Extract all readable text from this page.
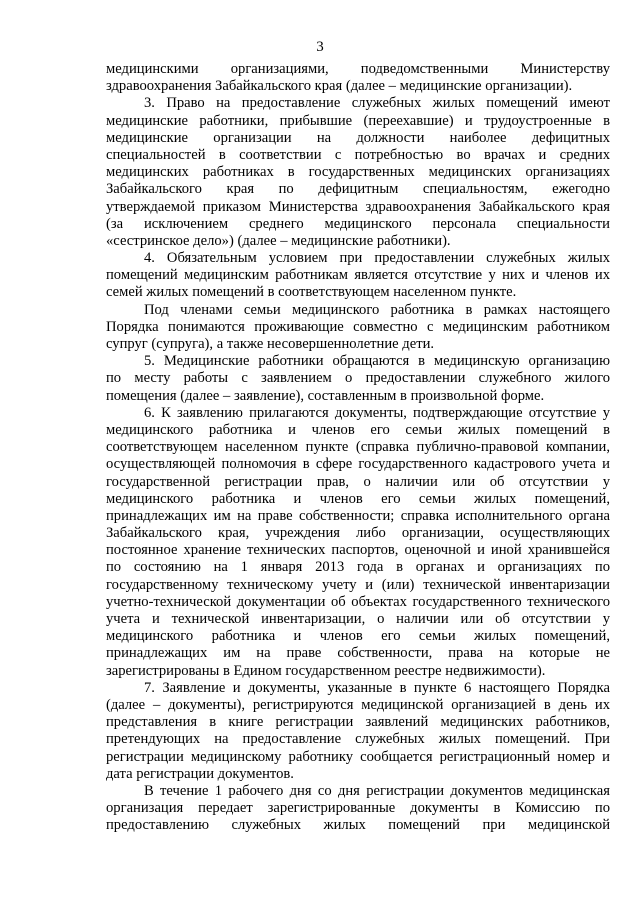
3

медицинскими организациями, подведомственными Министерству
здравоохранения Забайкальского края (далее – медицинские организации).

3. Право на предоставление служебных жилых помещений имеют
медицинские работники, прибывшие (переехавшие) и трудоустроенные в
медицинские организации на должности наиболее дефицитных
специальностей в соответствии с потребностью во врачах и средних
медицинских работниках в государственных медицинских организациях
Забайкальского края по дефицитным специальностям, ежегодно
утверждаемой приказом Министерства здравоохранения Забайкальского края
(за исключением среднего медицинского персонала специальности
«сестринское дело») (далее – медицинские работники).

4. Обязательным условием при предоставлении служебных жилых
помещений медицинским работникам является отсутствие у них и членов их
семей жилых помещений в соответствующем населенном пункте.

Под членами семьи медицинского работника в рамках настоящего
Порядка понимаются проживающие совместно с медицинским работником
супруг (супруга), а также несовершеннолетние дети.

5. Медицинские работники обращаются в медицинскую организацию
по месту работы с заявлением о предоставлении служебного жилого
помещения (далее – заявление), составленным в произвольной форме.

6. К заявлению прилагаются документы, подтверждающие отсутствие у
медицинского работника и членов его семьи жилых помещений в
соответствующем населенном пункте (справка публично-правовой компании,
осуществляющей полномочия в сфере государственного кадастрового учета и
государственной регистрации прав, о наличии или об отсутствии у
медицинского работника и членов его семьи жилых помещений,
принадлежащих им на праве собственности; справка исполнительного органа
Забайкальского края, учреждения либо организации, осуществляющих
постоянное хранение технических паспортов, оценочной и иной хранившейся
по состоянию на 1 января 2013 года в органах и организациях по
государственному техническому учету и (или) технической инвентаризации
учетно-технической документации об объектах государственного технического
учета и технической инвентаризации, о наличии или об отсутствии у
медицинского работника и членов его семьи жилых помещений,
принадлежащих им на праве собственности, права на которые не
зарегистрированы в Едином государственном реестре недвижимости).

7. Заявление и документы, указанные в пункте 6 настоящего Порядка
(далее – документы), регистрируются медицинской организацией в день их
представления в книге регистрации заявлений медицинских работников,
претендующих на предоставление служебных жилых помещений. При
регистрации медицинскому работнику сообщается регистрационный номер и
дата регистрации документов.

В течение 1 рабочего дня со дня регистрации документов медицинская
организация передает зарегистрированные документы в Комиссию по
предоставлению служебных жилых помещений при медицинской
